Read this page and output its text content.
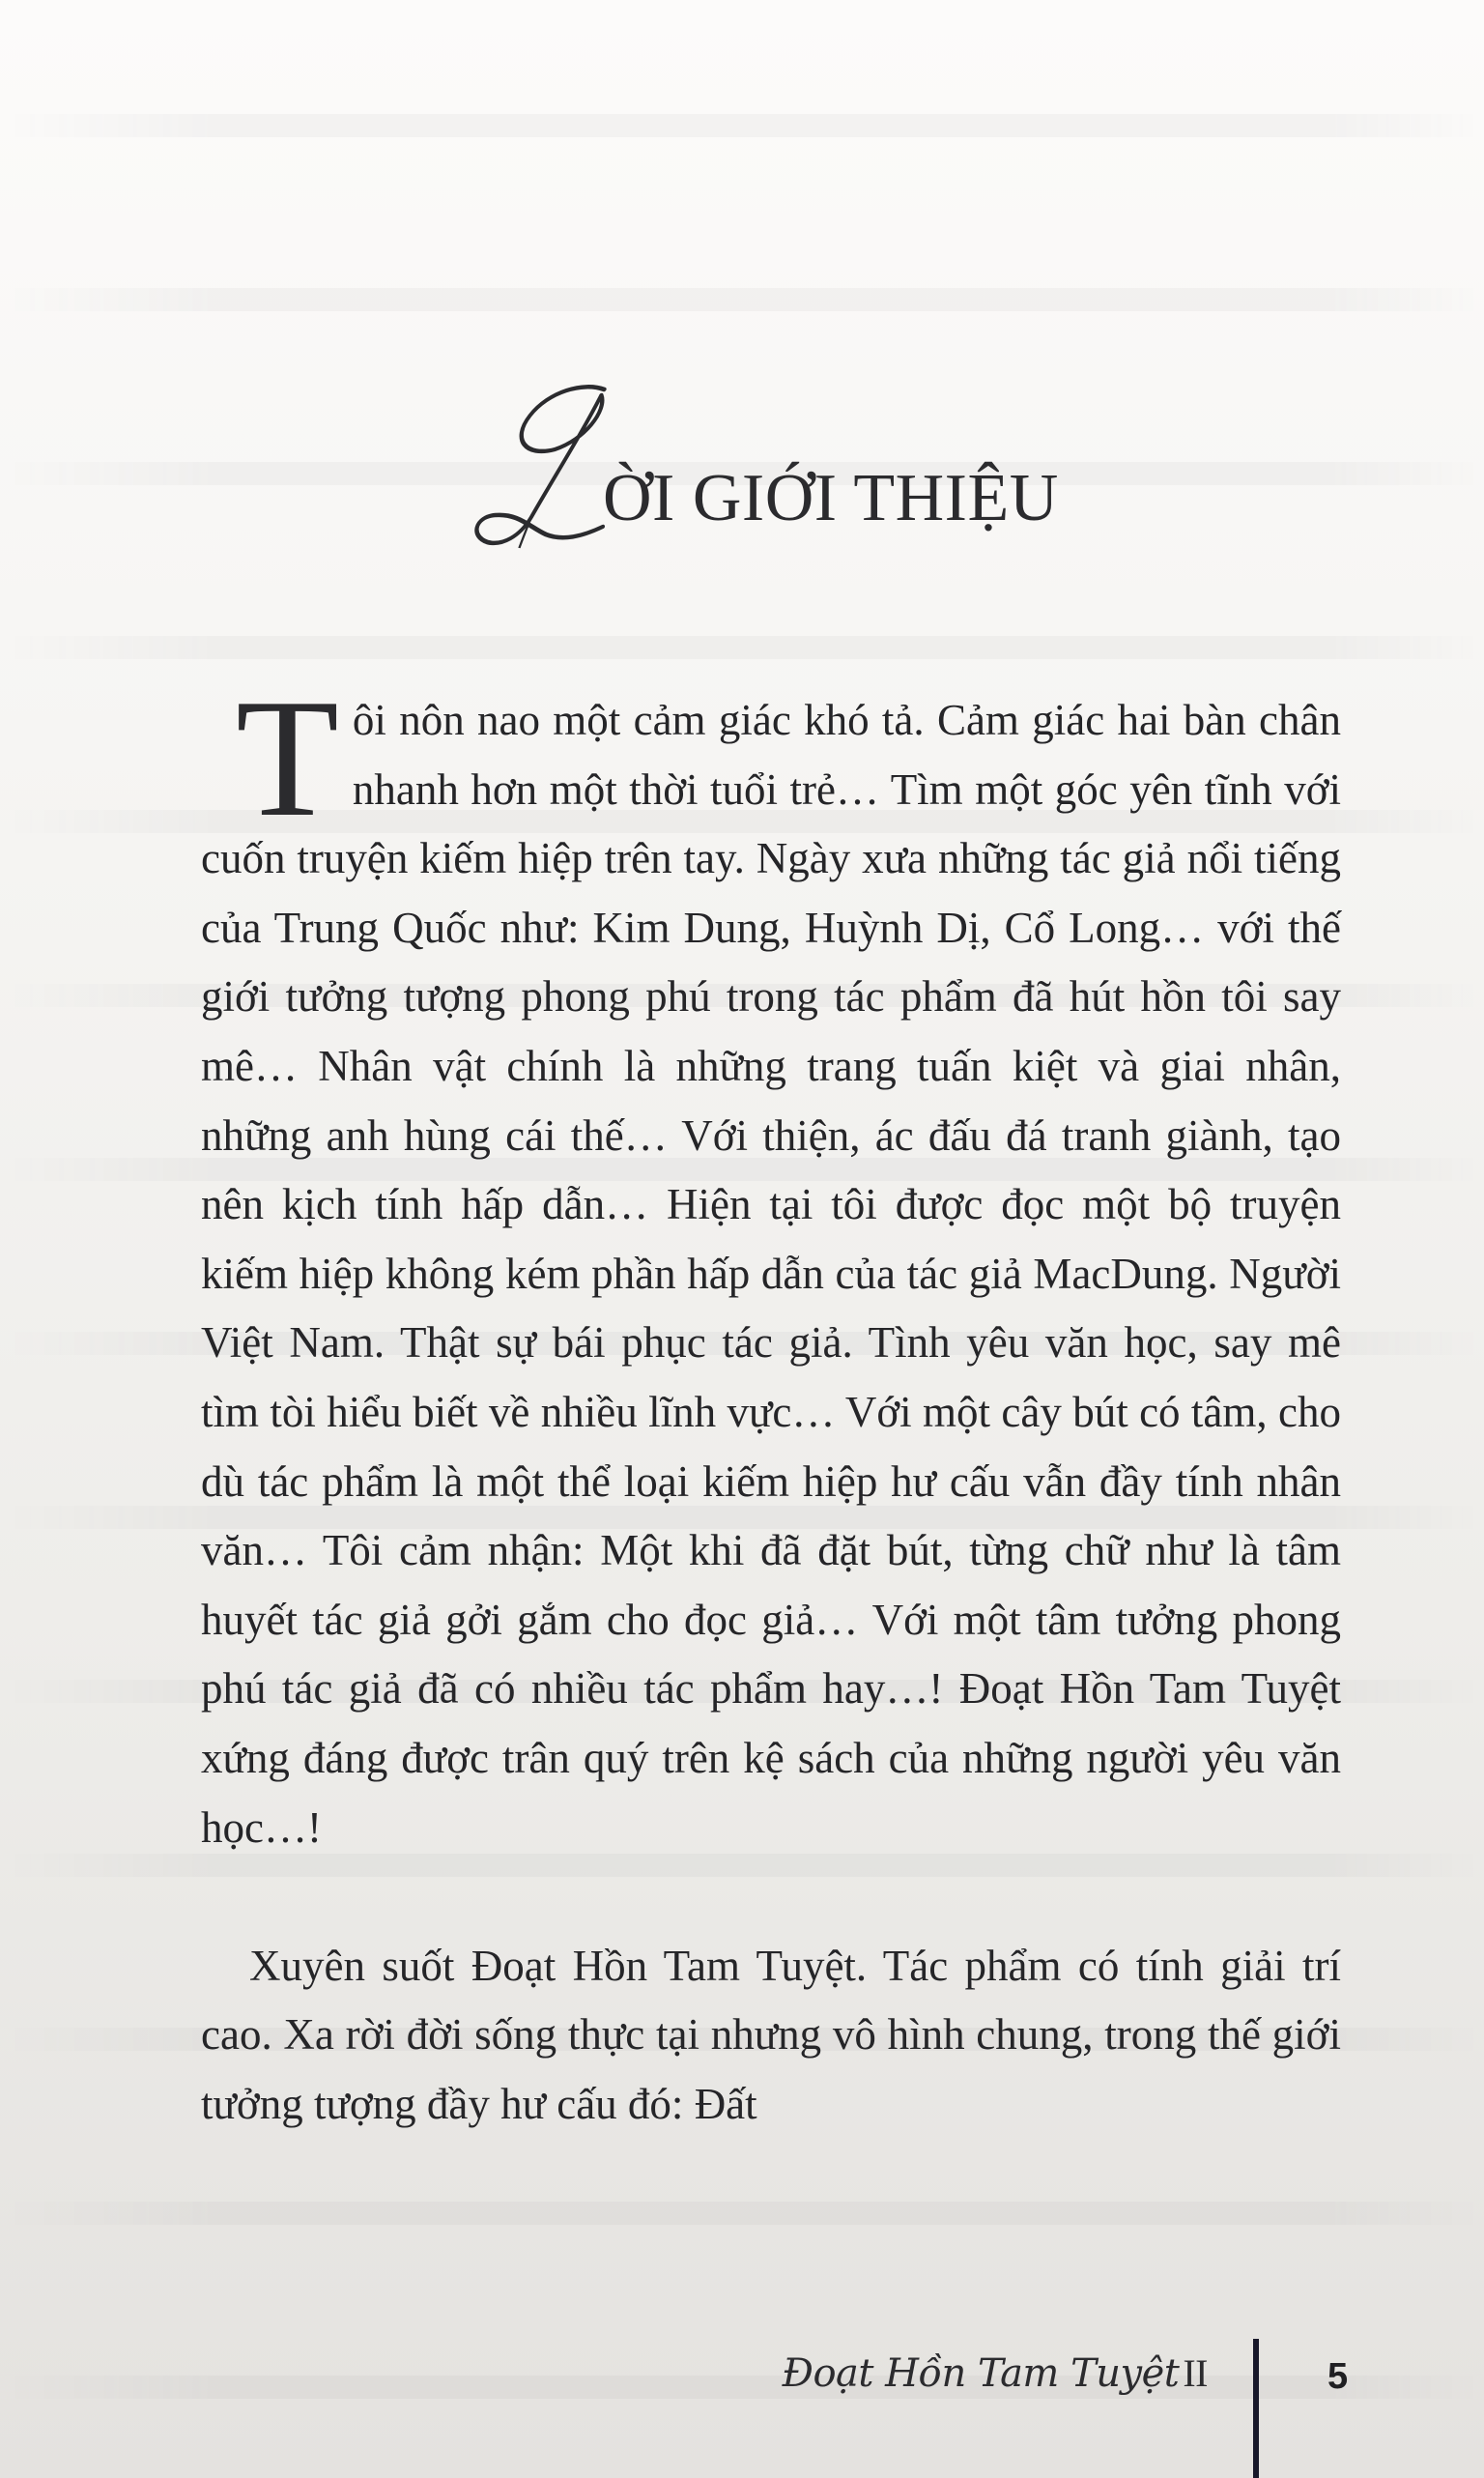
ỜI GIỚI THIỆU

Tôi nôn nao một cảm giác khó tả. Cảm giác hai bàn chân nhanh hơn một thời tuổi trẻ… Tìm một góc yên tĩnh với cuốn truyện kiếm hiệp trên tay. Ngày xưa những tác giả nổi tiếng của Trung Quốc như: Kim Dung, Huỳnh Dị, Cổ Long… với thế giới tưởng tượng phong phú trong tác phẩm đã hút hồn tôi say mê… Nhân vật chính là những trang tuấn kiệt và giai nhân, những anh hùng cái thế… Với thiện, ác đấu đá tranh giành, tạo nên kịch tính hấp dẫn… Hiện tại tôi được đọc một bộ truyện kiếm hiệp không kém phần hấp dẫn của tác giả MacDung. Người Việt Nam. Thật sự bái phục tác giả. Tình yêu văn học, say mê tìm tòi hiểu biết về nhiều lĩnh vực… Với một cây bút có tâm, cho dù tác phẩm là một thể loại kiếm hiệp hư cấu vẫn đầy tính nhân văn… Tôi cảm nhận: Một khi đã đặt bút, từng chữ như là tâm huyết tác giả gởi gắm cho đọc giả… Với một tâm tưởng phong phú tác giả đã có nhiều tác phẩm hay…! Đoạt Hồn Tam Tuyệt xứng đáng được trân quý trên kệ sách của những người yêu văn học…!

Xuyên suốt Đoạt Hồn Tam Tuyệt. Tác phẩm có tính giải trí cao. Xa rời đời sống thực tại nhưng vô hình chung, trong thế giới tưởng tượng đầy hư cấu đó: Đất

Đoạt Hồn Tam Tuyệt II	5
